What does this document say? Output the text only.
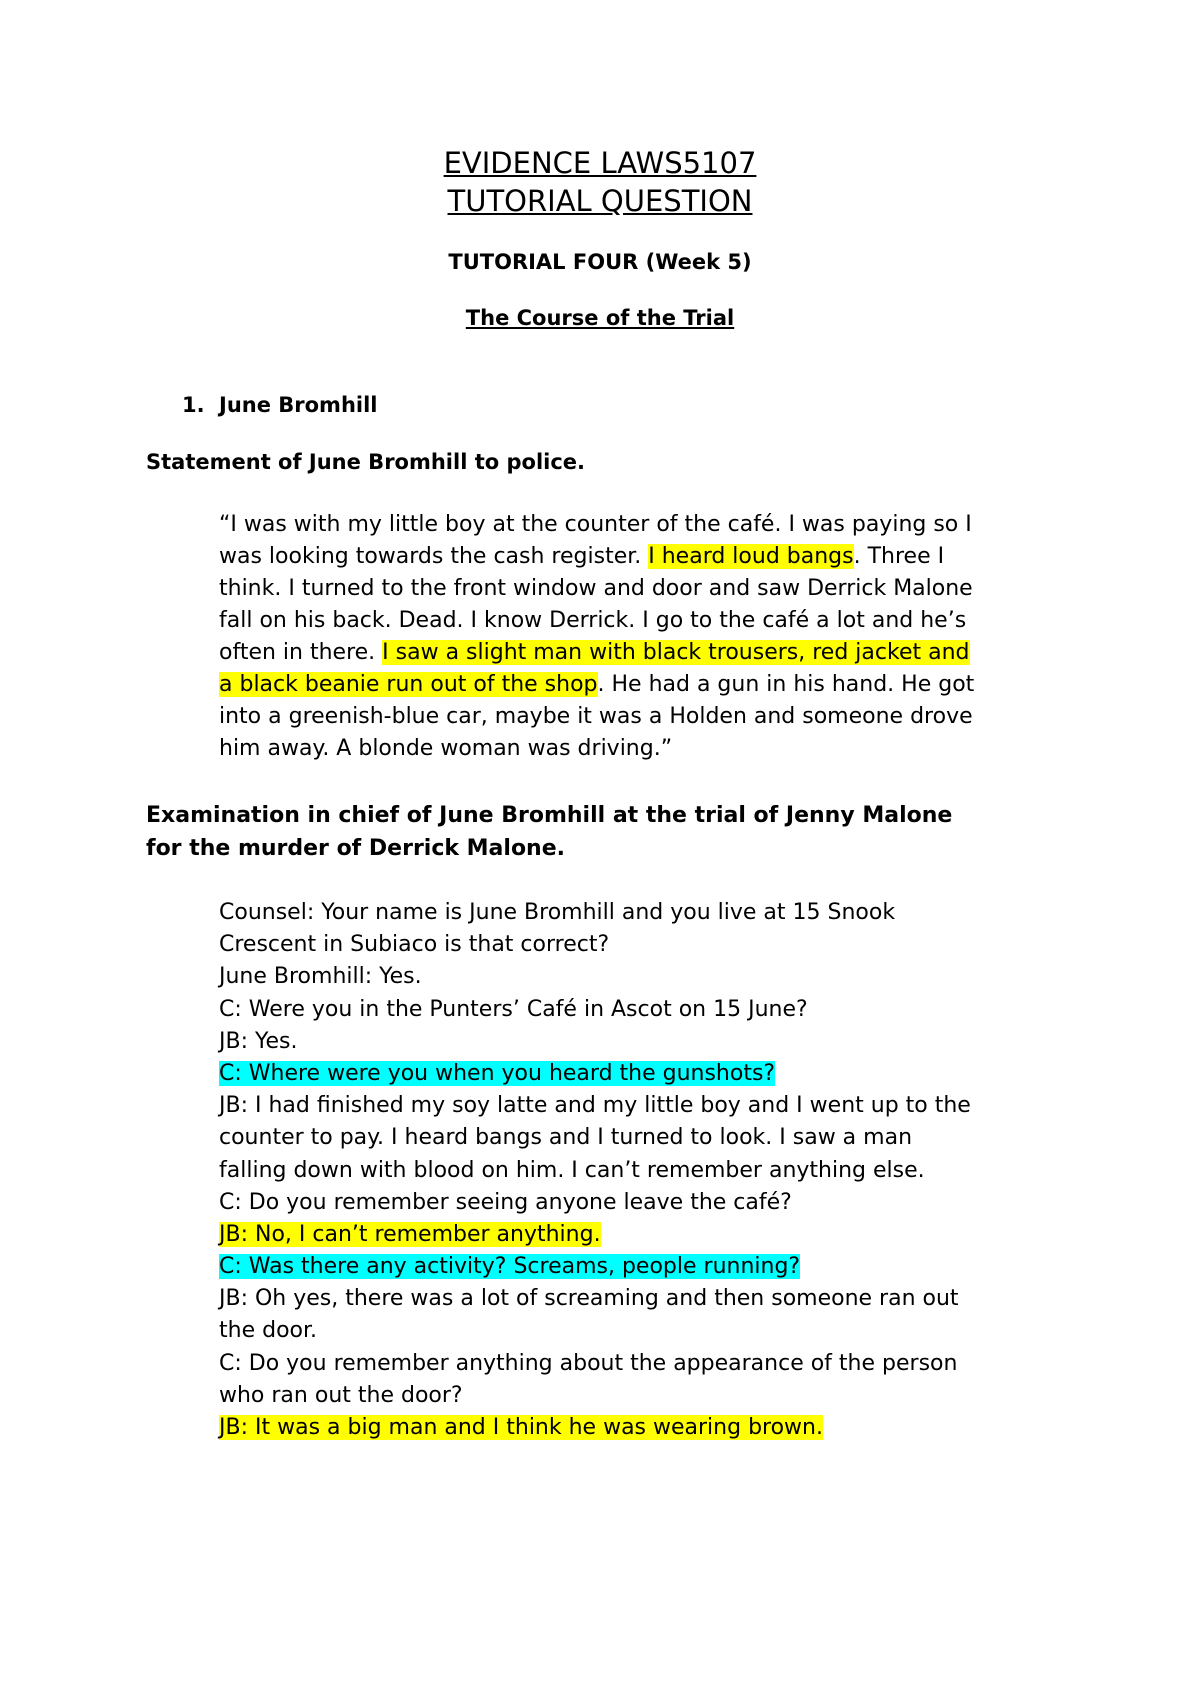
EVIDENCE LAWS5107
TUTORIAL QUESTION
TUTORIAL FOUR (Week 5)
The Course of the Trial
1. June Bromhill
Statement of June Bromhill to police.
“I was with my little boy at the counter of the café. I was paying so I
was looking towards the cash register. I heard loud bangs. Three I
think. I turned to the front window and door and saw Derrick Malone
fall on his back. Dead. I know Derrick. I go to the café a lot and he’s
often in there. I saw a slight man with black trousers, red jacket and
a black beanie run out of the shop. He had a gun in his hand. He got
into a greenish-blue car, maybe it was a Holden and someone drove
him away. A blonde woman was driving.”
Examination in chief of June Bromhill at the trial of Jenny Malone
for the murder of Derrick Malone.
Counsel: Your name is June Bromhill and you live at 15 Snook
Crescent in Subiaco is that correct?
June Bromhill: Yes.
C: Were you in the Punters’ Café in Ascot on 15 June?
JB: Yes.
C: Where were you when you heard the gunshots?
JB: I had finished my soy latte and my little boy and I went up to the
counter to pay. I heard bangs and I turned to look. I saw a man
falling down with blood on him. I can’t remember anything else.
C: Do you remember seeing anyone leave the café?
JB: No, I can’t remember anything.
C: Was there any activity? Screams, people running?
JB: Oh yes, there was a lot of screaming and then someone ran out
the door.
C: Do you remember anything about the appearance of the person
who ran out the door?
JB: It was a big man and I think he was wearing brown.
